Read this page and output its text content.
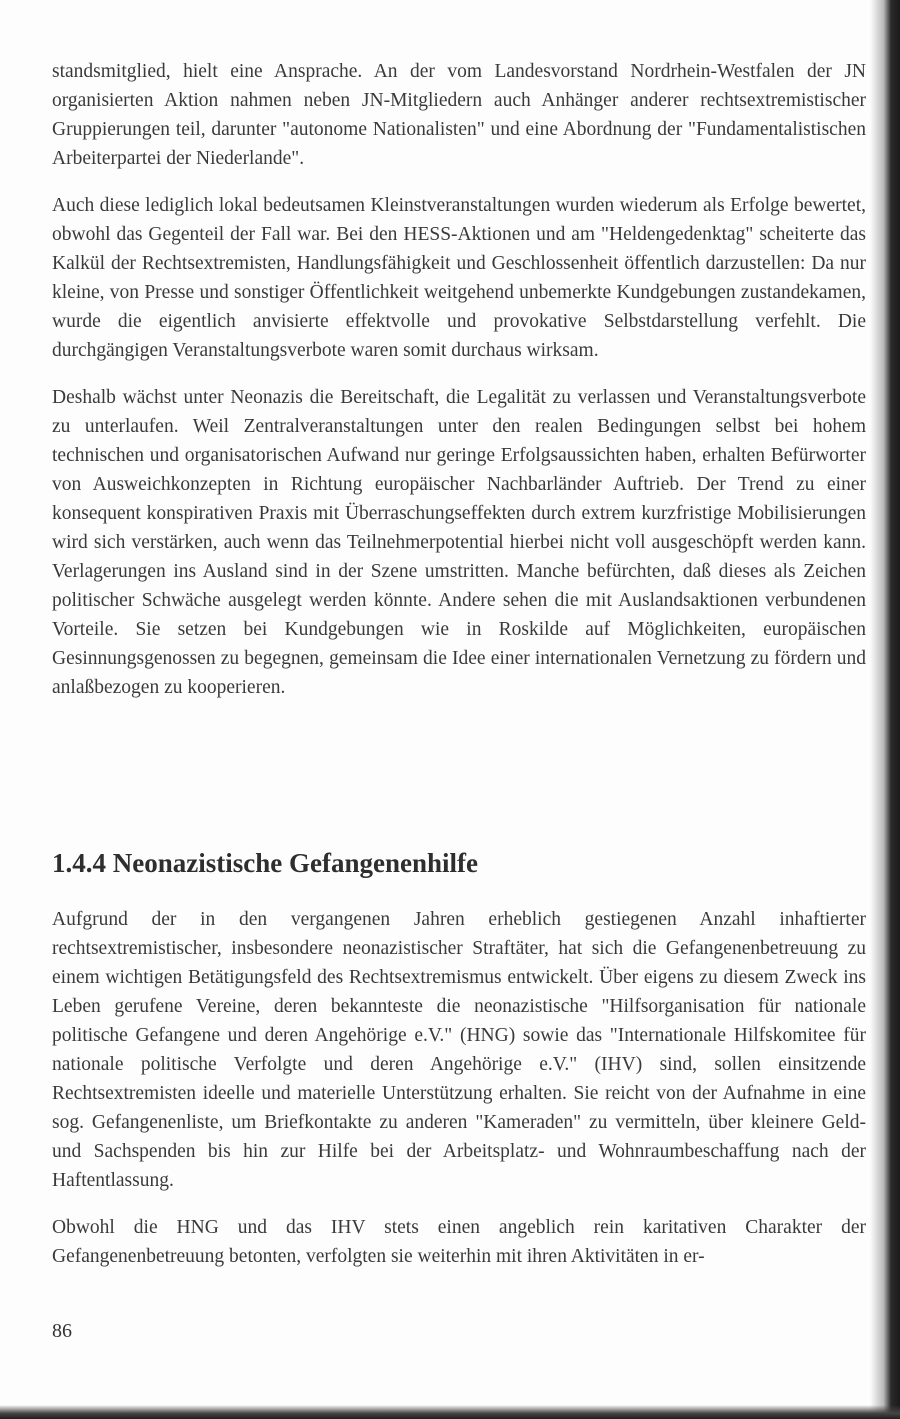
standsmitglied, hielt eine Ansprache. An der vom Landesvorstand Nordrhein-Westfalen der JN organisierten Aktion nahmen neben JN-Mitgliedern auch Anhänger anderer rechtsextremistischer Gruppierungen teil, darunter "autonome Nationalisten" und eine Abordnung der "Fundamentalistischen Arbeiterpartei der Niederlande".

Auch diese lediglich lokal bedeutsamen Kleinstveranstaltungen wurden wiederum als Erfolge bewertet, obwohl das Gegenteil der Fall war. Bei den HESS-Aktionen und am "Heldengedenktag" scheiterte das Kalkül der Rechtsextremisten, Handlungsfähigkeit und Geschlossenheit öffentlich darzustellen: Da nur kleine, von Presse und sonstiger Öffentlichkeit weitgehend unbemerkte Kundgebungen zustandekamen, wurde die eigentlich anvisierte effektvolle und provokative Selbstdarstellung verfehlt. Die durchgängigen Veranstaltungsverbote waren somit durchaus wirksam.

Deshalb wächst unter Neonazis die Bereitschaft, die Legalität zu verlassen und Veranstaltungsverbote zu unterlaufen. Weil Zentralveranstaltungen unter den realen Bedingungen selbst bei hohem technischen und organisatorischen Aufwand nur geringe Erfolgsaussichten haben, erhalten Befürworter von Ausweichkonzepten in Richtung europäischer Nachbarländer Auftrieb. Der Trend zu einer konsequent konspirativen Praxis mit Überraschungseffekten durch extrem kurzfristige Mobilisierungen wird sich verstärken, auch wenn das Teilnehmerpotential hierbei nicht voll ausgeschöpft werden kann. Verlagerungen ins Ausland sind in der Szene umstritten. Manche befürchten, daß dieses als Zeichen politischer Schwäche ausgelegt werden könnte. Andere sehen die mit Auslandsaktionen verbundenen Vorteile. Sie setzen bei Kundgebungen wie in Roskilde auf Möglichkeiten, europäischen Gesinnungsgenossen zu begegnen, gemeinsam die Idee einer internationalen Vernetzung zu fördern und anlaßbezogen zu kooperieren.

1.4.4 Neonazistische Gefangenenhilfe

Aufgrund der in den vergangenen Jahren erheblich gestiegenen Anzahl inhaftierter rechtsextremistischer, insbesondere neonazistischer Straftäter, hat sich die Gefangenenbetreuung zu einem wichtigen Betätigungsfeld des Rechtsextremismus entwickelt. Über eigens zu diesem Zweck ins Leben gerufene Vereine, deren bekannteste die neonazistische "Hilfsorganisation für nationale politische Gefangene und deren Angehörige e.V." (HNG) sowie das "Internationale Hilfskomitee für nationale politische Verfolgte und deren Angehörige e.V." (IHV) sind, sollen einsitzende Rechtsextremisten ideelle und materielle Unterstützung erhalten. Sie reicht von der Aufnahme in eine sog. Gefangenenliste, um Briefkontakte zu anderen "Kameraden" zu vermitteln, über kleinere Geld- und Sachspenden bis hin zur Hilfe bei der Arbeitsplatz- und Wohnraumbeschaffung nach der Haftentlassung.

Obwohl die HNG und das IHV stets einen angeblich rein karitativen Charakter der Gefangenenbetreuung betonten, verfolgten sie weiterhin mit ihren Aktivitäten in er-

86
